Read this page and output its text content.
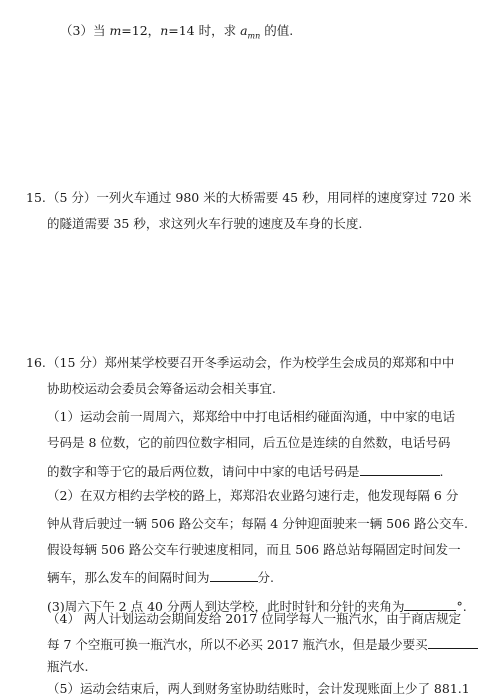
（3）当 m=12，n=14 时，求 $a_{mn}$ 的值.
15. （5 分）一列火车通过 980 米的大桥需要 45 秒，用同样的速度穿过 720 米
的隧道需要 35 秒，求这列火车行驶的速度及车身的长度.
16. （15 分）郑州某学校要召开冬季运动会，作为校学生会成员的郑郑和中中
协助校运动会委员会筹备运动会相关事宜.
（1）运动会前一周周六，郑郑给中中打电话相约碰面沟通，中中家的电话
号码是 8 位数，它的前四位数字相同，后五位是连续的自然数，电话号码
的数字和等于它的最后两位数，请问中中家的电话号码是	.
（2）在双方相约去学校的路上，郑郑沿农业路匀速行走，他发现每隔 6 分
钟从背后驶过一辆 506 路公交车；每隔 4 分钟迎面驶来一辆 506 路公交车.
假设每辆 506 路公交车行驶速度相同，而且 506 路总站每隔固定时间发一
辆车，那么发车的间隔时间为	分.
(3)周六下午 2 点 40 分两人到达学校，此时时针和分针的夹角为	°.
（4） 两人计划运动会期间发给 2017 位同学每人一瓶汽水，由于商店规定
每 7 个空瓶可换一瓶汽水，所以不必买 2017 瓶汽水，但是最少要买
瓶汽水.
（5）运动会结束后，两人到财务室协助结账时，会计发现账面上少了 881.1
